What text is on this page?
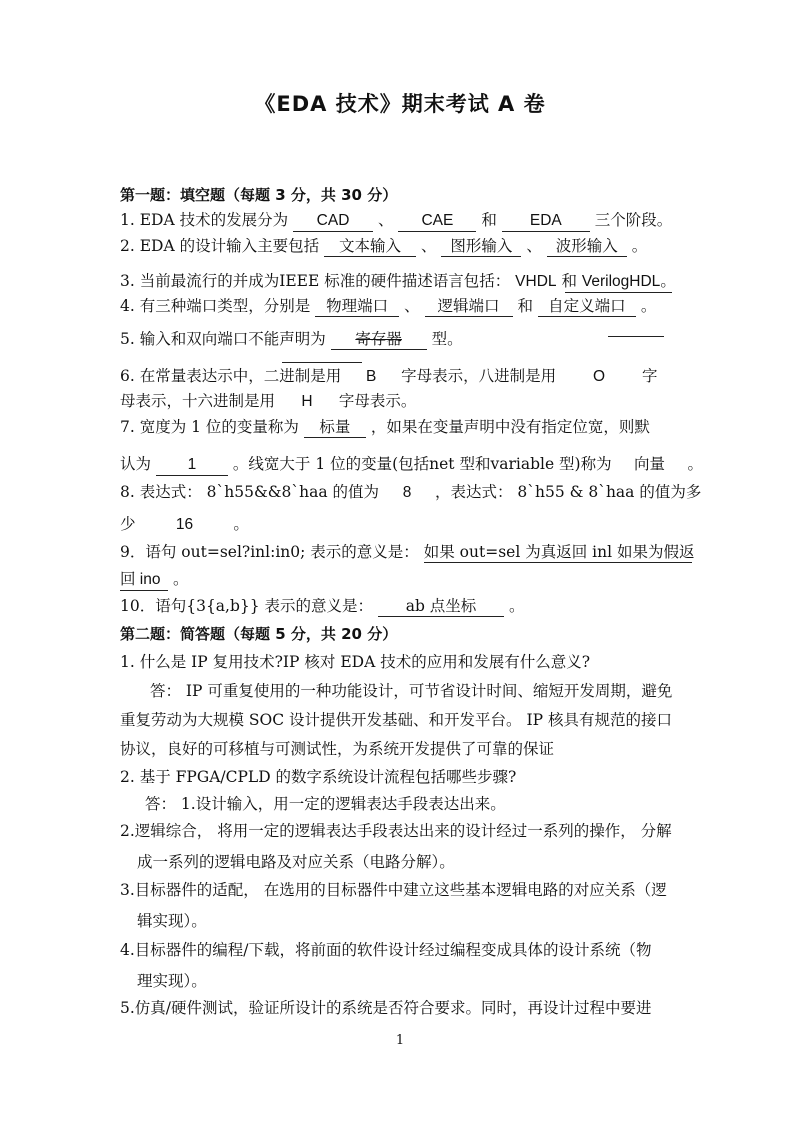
《EDA 技术》期末考试 A 卷
第一题：填空题（每题 3 分，共 30 分）
1. EDA 技术的发展分为 CAD 、 CAE 和 EDA 三个阶段。
2. EDA 的设计输入主要包括 文本输入 、 图形输入 、 波形输入 。
3. 当前最流行的并成为IEEE 标准的硬件描述语言包括： VHDL 和 VerilogHDL。
4. 有三种端口类型，分别是 物理端口 、 逻辑端口 和 自定义端口 。
5. 输入和双向端口不能声明为 寄存器 型。
6. 在常量表达示中，二进制是用 B 字母表示，八进制是用 O 字
母表示，十六进制是用 H 字母表示。
7. 宽度为 1 位的变量称为 标量 ，如果在变量声明中没有指定位宽，则默
认为 1 。线宽大于 1 位的变量(包括net 型和variable 型)称为 向量 。
8. 表达式： 8`h55&&8`haa 的值为 8 ，表达式： 8`h55 & 8`haa 的值为多
少	16	。
9．语句 out=sel?inl:in0; 表示的意义是： 如果 out=sel 为真返回 inl 如果为假返
回 ino 。
10．语句{3{a,b}} 表示的意义是： ab 点坐标 。
第二题：简答题（每题 5 分，共 20 分）
1. 什么是 IP 复用技术?IP 核对 EDA 技术的应用和发展有什么意义?
答： IP 可重复使用的一种功能设计，可节省设计时间、缩短开发周期，避免
重复劳动为大规模 SOC 设计提供开发基础、和开发平台。 IP 核具有规范的接口
协议，良好的可移植与可测试性，为系统开发提供了可靠的保证
2. 基于 FPGA/CPLD 的数字系统设计流程包括哪些步骤?
答： 1.设计输入，用一定的逻辑表达手段表达出来。
2.逻辑综合， 将用一定的逻辑表达手段表达出来的设计经过一系列的操作， 分解
成一系列的逻辑电路及对应关系（电路分解）。
3.目标器件的适配， 在选用的目标器件中建立这些基本逻辑电路的对应关系（逻
辑实现）。
4.目标器件的编程/下载，将前面的软件设计经过编程变成具体的设计系统（物
理实现）。
5.仿真/硬件测试，验证所设计的系统是否符合要求。同时，再设计过程中要进
1
